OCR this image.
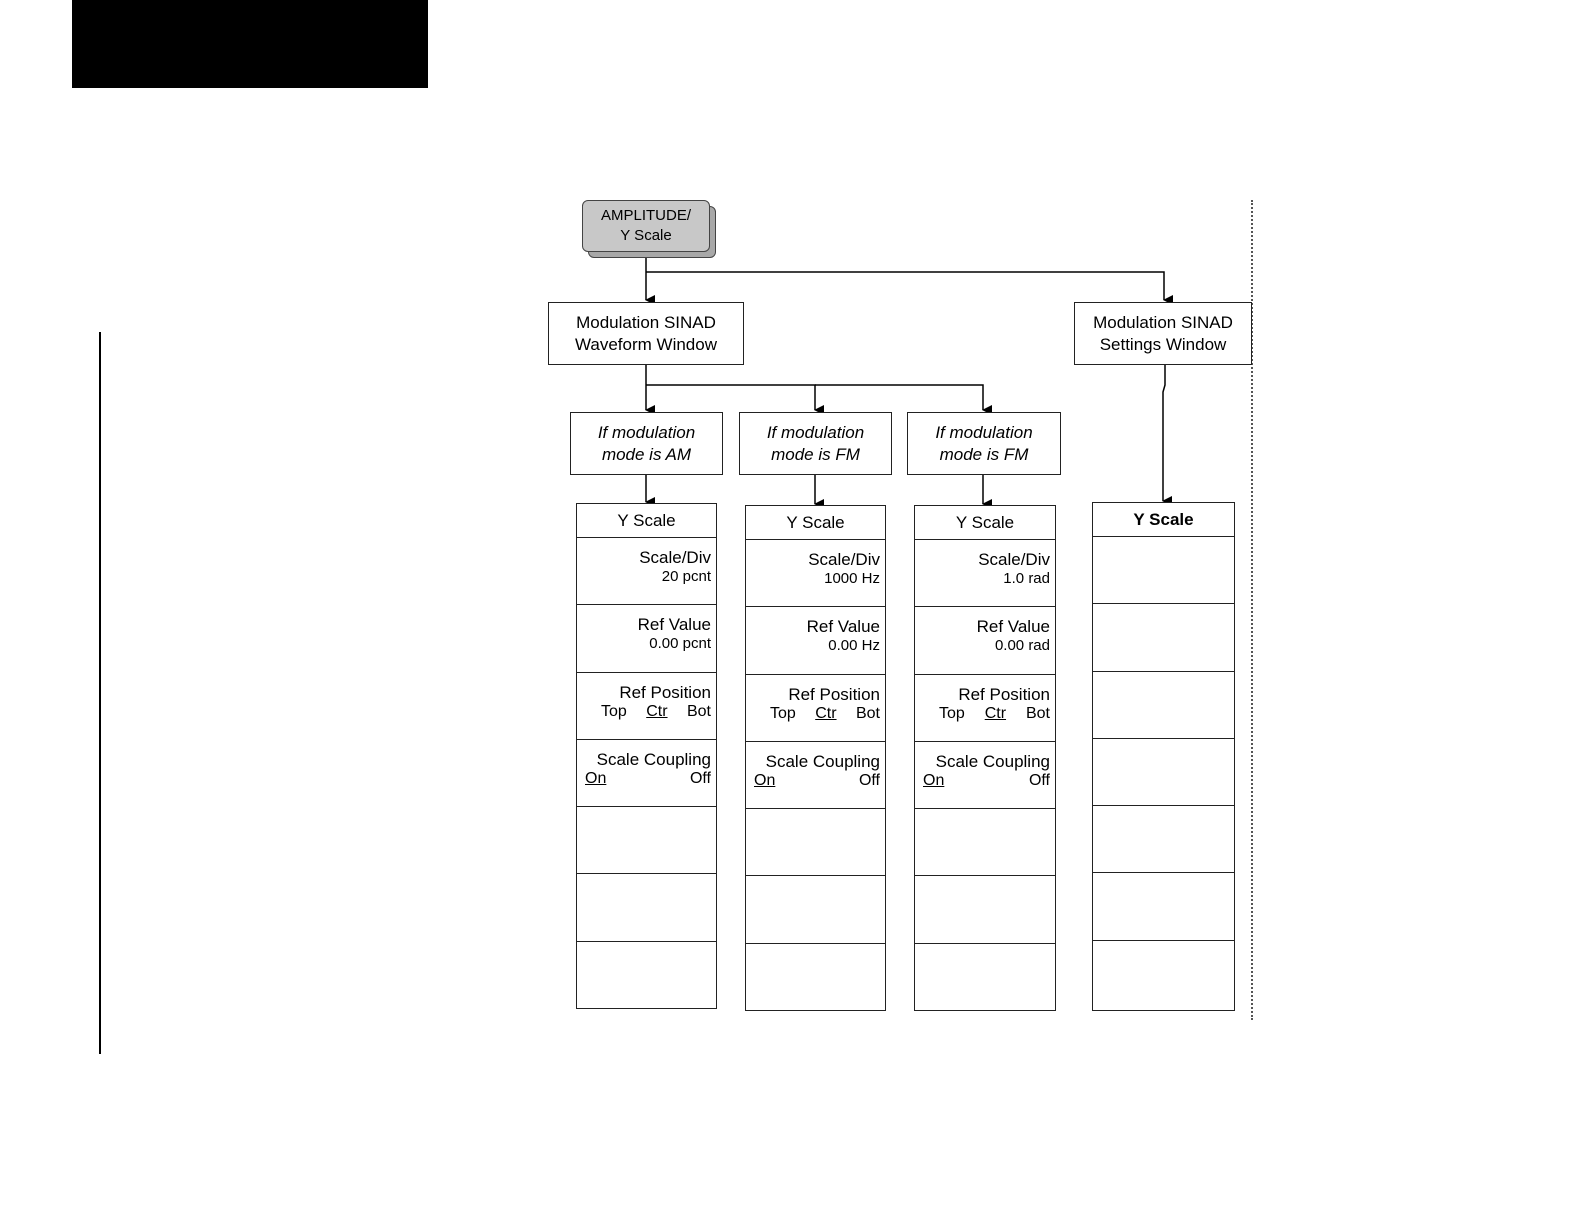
AMPLITUDE/
Y Scale
Modulation SINAD
Waveform Window
Modulation SINAD
Settings Window
If modulation
mode is AM
If modulation
mode is FM
If modulation
mode is FM
Y Scale
Scale/Div
20 pcnt
Ref Value
0.00 pcnt
Ref Position
Top Ctr Bot
Scale Coupling
On	Off
Y Scale
Scale/Div
1000 Hz
Ref Value
0.00 Hz
Ref Position
Top Ctr Bot
Scale Coupling
On	Off
Y Scale
Scale/Div
1.0 rad
Ref Value
0.00 rad
Ref Position
Top Ctr Bot
Scale Coupling
On	Off
Y Scale
